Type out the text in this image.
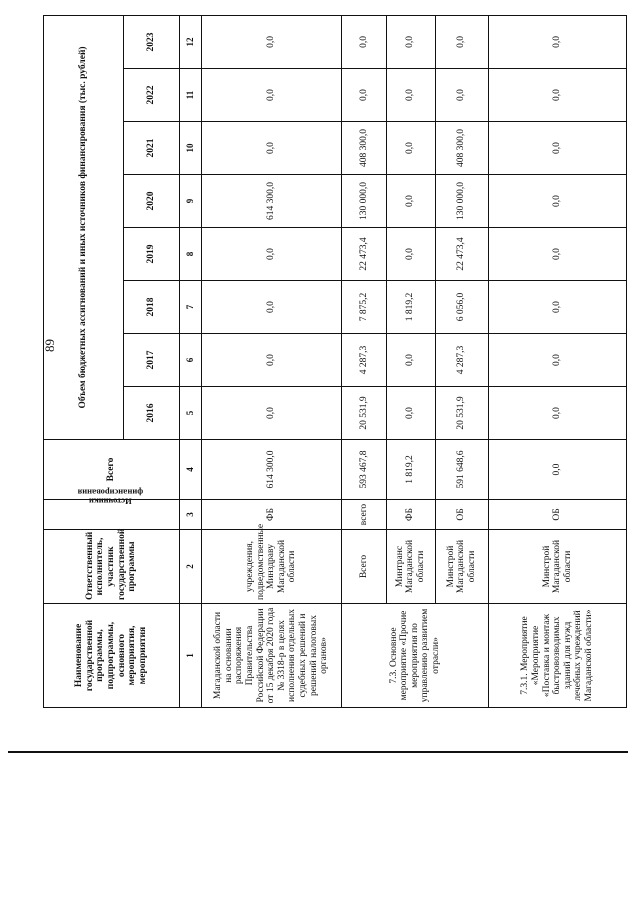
89
Наименование государственной программы, подпрограммы, основного мероприятия, мероприятия	Ответственный исполнитель, участник государственной программы	Источники
финансирования	Всего	Объем бюджетных ассигнований и иных источников финансирования (тыс. рублей)							
				2016	2017	2018	2019	2020	2021	2022	2023
1	2	3	4	5	6	7	8	9	10	11	12
Магаданской области на основании распоряжения Правительства Российской Федерации от 15 декабря 2020 года № 3318-р в целях исполнения отдельных судебных решений и решений налоговых органов»	учреждения, подведомственные Минздраву Магаданской области	ФБ	614 300,0	0,0	0,0	0,0	0,0	614 300,0	0,0	0,0	0,0
7.3. Основное мероприятие «Прочие мероприятия по управлению развитием отрасли»	Всего	всего	593 467,8	20 531,9	4 287,3	7 875,2	22 473,4	130 000,0	408 300,0	0,0	0,0
	Минтранс Магаданской области	ФБ	1 819,2	0,0	0,0	1 819,2	0,0	0,0	0,0	0,0	0,0
	Минстрой Магаданской области	ОБ	591 648,6	20 531,9	4 287,3	6 056,0	22 473,4	130 000,0	408 300,0	0,0	0,0
7.3.1. Мероприятие «Мероприятие «Поставка и монтаж быстровозводимых зданий для нужд лечебных учреждений Магаданской области»	Минстрой Магаданской области	ОБ	0,0	0,0	0,0	0,0	0,0	0,0	0,0	0,0	0,0
